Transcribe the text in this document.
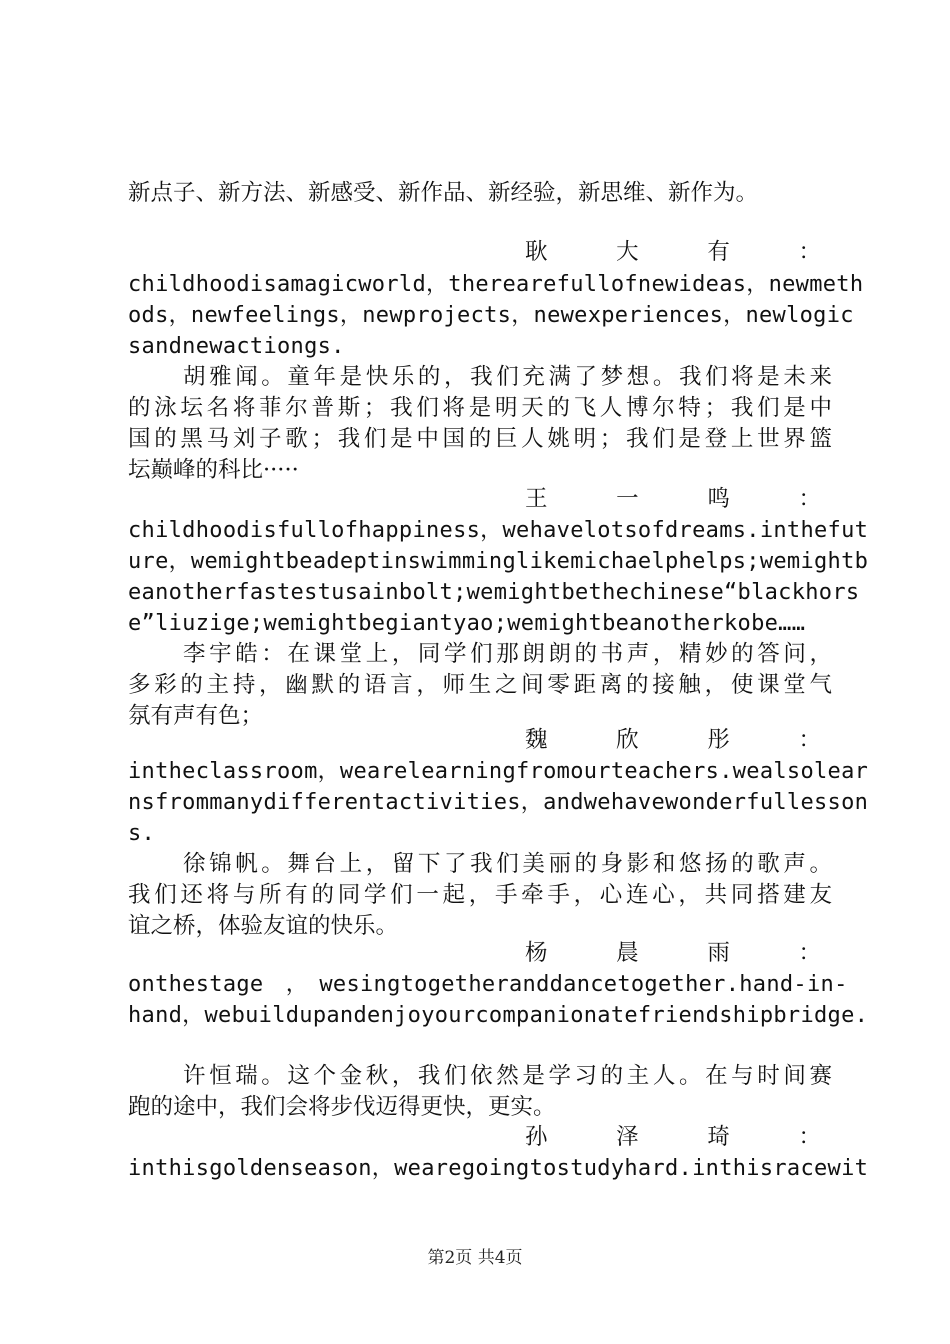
新点子、新方法、新感受、新作品、新经验，新思维、新作为。
耿	大	有	：
childhoodisamagicworld，therearefullofnewideas，newmeth
ods，newfeelings，newprojects，newexperiences，newlogic
sandnewactiongs.
胡雅闻。童年是快乐的，我们充满了梦想。我们将是未来
的泳坛名将菲尔普斯；我们将是明天的飞人博尔特；我们是中
国的黑马刘子歌；我们是中国的巨人姚明；我们是登上世界篮
坛巅峰的科比·····
王	一	鸣	：
childhoodisfullofhappiness，wehavelotsofdreams.inthefut
ure，wemightbeadeptinswimminglikemichaelphelps;wemightb
eanotherfastestusainbolt;wemightbethechinese“blackhors
e”liuzige;wemightbegiantyao;wemightbeanotherkobe……
李宇皓：在课堂上，同学们那朗朗的书声，精妙的答问，
多彩的主持，幽默的语言，师生之间零距离的接触，使课堂气
氛有声有色；
魏	欣	彤	：
intheclassroom，wearelearningfromourteachers.wealsolear
nsfrommanydifferentactivities，andwehavewonderfullesson
s.
徐锦帆。舞台上，留下了我们美丽的身影和悠扬的歌声。
我们还将与所有的同学们一起，手牵手，心连心，共同搭建友
谊之桥，体验友谊的快乐。
杨	晨	雨	：
onthestage　，　wesingtogetheranddancetogether.hand-in-
hand，webuildupandenjoyourcompanionatefriendshipbridge.
许恒瑞。这个金秋，我们依然是学习的主人。在与时间赛
跑的途中，我们会将步伐迈得更快，更实。
孙	泽	琦	：
inthisgoldenseason，wearegoingtostudyhard.inthisracewit
第2页 共4页
